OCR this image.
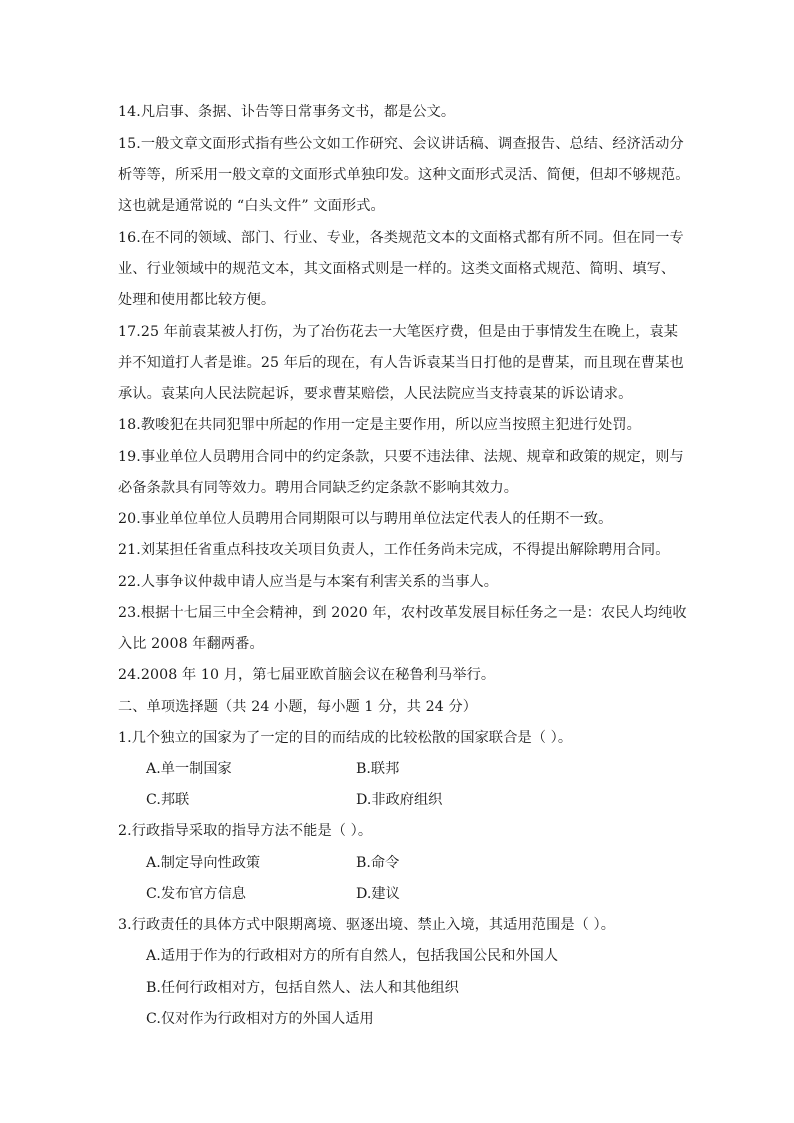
14.凡启事、条据、讣告等日常事务文书，都是公文。
15.一般文章文面形式指有些公文如工作研究、会议讲话稿、调查报告、总结、经济活动分
析等等，所采用一般文章的文面形式单独印发。这种文面形式灵活、简便，但却不够规范。
这也就是通常说的 “白头文件” 文面形式。
16.在不同的领域、部门、行业、专业，各类规范文本的文面格式都有所不同。但在同一专
业、行业领域中的规范文本，其文面格式则是一样的。这类文面格式规范、简明、填写、
处理和使用都比较方便。
17.25 年前袁某被人打伤，为了冶伤花去一大笔医疗费，但是由于事情发生在晚上，袁某
并不知道打人者是谁。25 年后的现在，有人告诉袁某当日打他的是曹某，而且现在曹某也
承认。袁某向人民法院起诉，要求曹某赔偿，人民法院应当支持袁某的诉讼请求。
18.教唆犯在共同犯罪中所起的作用一定是主要作用，所以应当按照主犯进行处罚。
19.事业单位人员聘用合同中的约定条款，只要不违法律、法规、规章和政策的规定，则与
必备条款具有同等效力。聘用合同缺乏约定条款不影响其效力。
20.事业单位单位人员聘用合同期限可以与聘用单位法定代表人的任期不一致。
21.刘某担任省重点科技攻关项目负责人，工作任务尚未完成，不得提出解除聘用合同。
22.人事争议仲裁申请人应当是与本案有利害关系的当事人。
23.根据十七届三中全会精神，到 2020 年，农村改革发展目标任务之一是：农民人均纯收
入比 2008 年翻两番。
24.2008 年 10 月，第七届亚欧首脑会议在秘鲁利马举行。
二、单项选择题（共 24 小题，每小题 1 分，共 24 分）
1.几个独立的国家为了一定的目的而结成的比较松散的国家联合是（ ）。
A.单一制国家	B.联邦
C.邦联	D.非政府组织
2.行政指导采取的指导方法不能是（ ）。
A.制定导向性政策	B.命令
C.发布官方信息	D.建议
3.行政责任的具体方式中限期离境、驱逐出境、禁止入境，其适用范围是（ ）。
A.适用于作为的行政相对方的所有自然人，包括我国公民和外国人
B.任何行政相对方，包括自然人、法人和其他组织
C.仅对作为行政相对方的外国人适用
